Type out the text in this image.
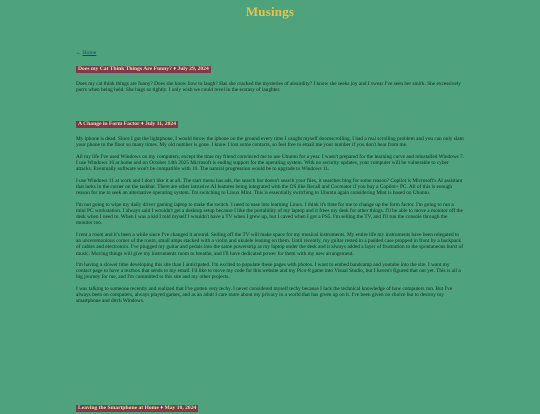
Musings
←Home
Does my Cat Think Things Are Funny? ♦ July 29, 2024

Does my cat think things are funny? Does she know how to laugh? Has she cracked the mysteries of absurdity? I know she seeks joy and I swear I've seen her smirk. She excessively purrs when being held. She hugs so tightly. I only wish we could revel in the ecstasy of laughter.

A Change in Form Factor ♦ July 11, 2024

My iphone is dead. Since I got the lightphone, I would throw the iphone on the ground every time I caught myself doomscrolling. I had a real scrolling problem and you can only slam your phone to the floor so many times. My old number is gone. I know I lost some contacts, so feel free to email me your number if you don't hear from me.

All my life I've used Windows on my computers, except the time my friend convinced me to use Ubuntu for a year. I wasn't prepared for the learning curve and reinstalled Windows 7. I use Windows 10 at home and on October 14th 2025 Microsoft is ending support for the operating system. With no security updates, your computer will be vulnerable to cyber attacks. Eventually software won't be compatible with 10. The natural progression would be to upgrade to Windows 11.

I use Windows 11 at work and I don't like it at all. The start menu has ads, the search bar doesn't search your files, it searches bing for some reason? Copilot is Microsoft's AI assistant that lurks in the corner on the taskbar. There are other intrusive AI features being integrated with the OS like Recall and Cocreator if you buy a Copilot+ PC. All of this is enough reason for me to seek an alternative operating system. I'm switching to Linux Mint. This is essentially switching to Ubuntu again considering Mint is based on Ubuntu.

I'm not going to wipe my daily driver gaming laptop to make the switch. I need to ease into learning Linux. I think it's time for me to change up the form factor. I'm going to run a mini PC workstation. I always said I wouldn't get a desktop setup because I like the portability of my laptop and it frees my desk for other things. I'll be able to move a monitor off the desk when I need to. When I was a kid I told myself I wouldn't have a TV when I grew up, but I caved when I got a PS5. I'm selling the TV, and I'll run the console through the monitor too.

I rent a room and it's been a while since I've changed it around. Selling off the TV will make space for my musical instruments. My entire life my instruments have been relegated to an unceremonious corner of the room, small amps stacked with a violin and ukulele leaning on them. Until recently, my guitar rested in a padded case propped in front by a backpack of cables and electronics. I've plugged my guitar and pedals into the same powerstrip as my laptop under the desk and it always added a layer of frustration to the spontaneous burst of music. Moving things will give my instruments room to breathe, and I'll have dedicated power for them with my new arrangement.

I'm having a slower time developing this site than I anticipated. I'm excited to populate these pages with photos. I want to embed bandcamp and youtube into the site. I want my contact page to have a textbox that sends to my email. I'd like to move my code for this website and my Pico-8 game into Visual Studio, but I haven't figured that out yet. This is all a big journey for me, and I'm committed to this site and my other projects.

I was talking to someone recently and realized that I've gotten very techy. I never considered myself techy because I lack the technical knowledge of how computers run. But I've always been on computers, always played games, and as an adult I care more about my privacy in a world that has given up on it. I've been given no choice but to destroy my smartphone and ditch Windows.

Leaving the Smartphone at Home ♦ May 10, 2024
